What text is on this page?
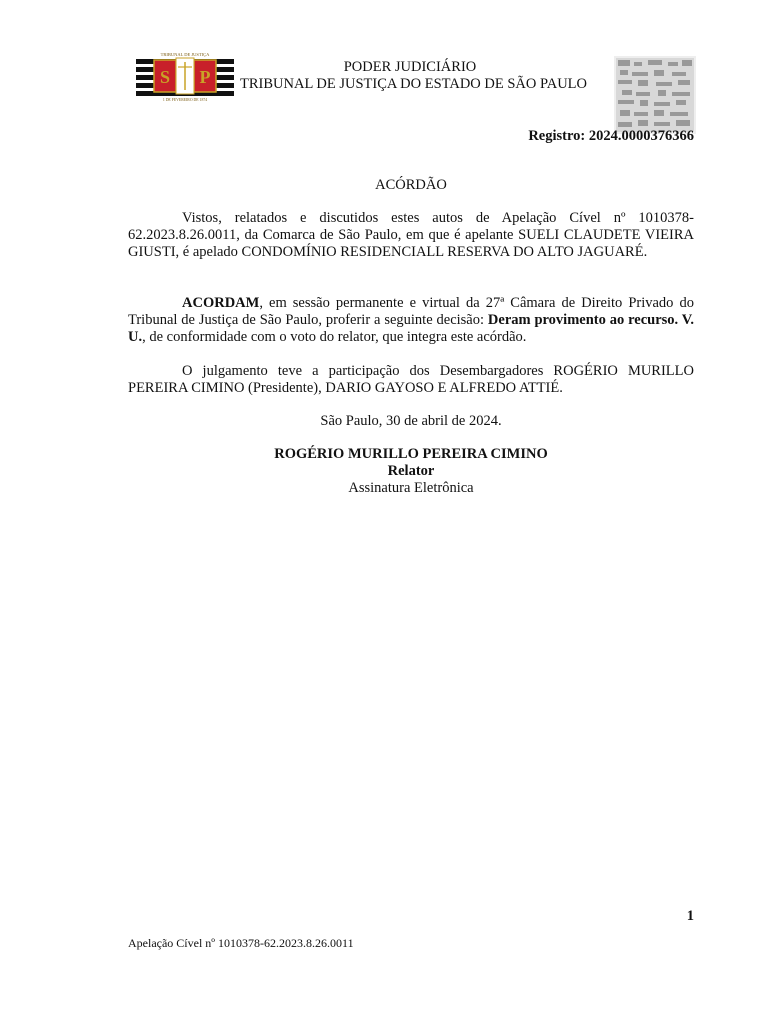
S P
TRIBUNAL DE JUSTIÇA
1 DE FEVEREIRO DE 1874
PODER JUDICIÁRIO
TRIBUNAL DE JUSTIÇA DO ESTADO DE SÃO PAULO
Registro: 2024.0000376366
ACÓRDÃO
Vistos, relatados e discutidos estes autos de Apelação Cível nº 1010378-62.2023.8.26.0011, da Comarca de São Paulo, em que é apelante SUELI CLAUDETE VIEIRA GIUSTI, é apelado CONDOMÍNIO RESIDENCIALL RESERVA DO ALTO JAGUARÉ.
ACORDAM, em sessão permanente e virtual da 27ª Câmara de Direito Privado do Tribunal de Justiça de São Paulo, proferir a seguinte decisão: Deram provimento ao recurso. V. U., de conformidade com o voto do relator, que integra este acórdão.
O julgamento teve a participação dos Desembargadores ROGÉRIO MURILLO PEREIRA CIMINO (Presidente), DARIO GAYOSO E ALFREDO ATTIÉ.
São Paulo, 30 de abril de 2024.
ROGÉRIO MURILLO PEREIRA CIMINO
Relator
Assinatura Eletrônica
1
Apelação Cível nº 1010378-62.2023.8.26.0011
